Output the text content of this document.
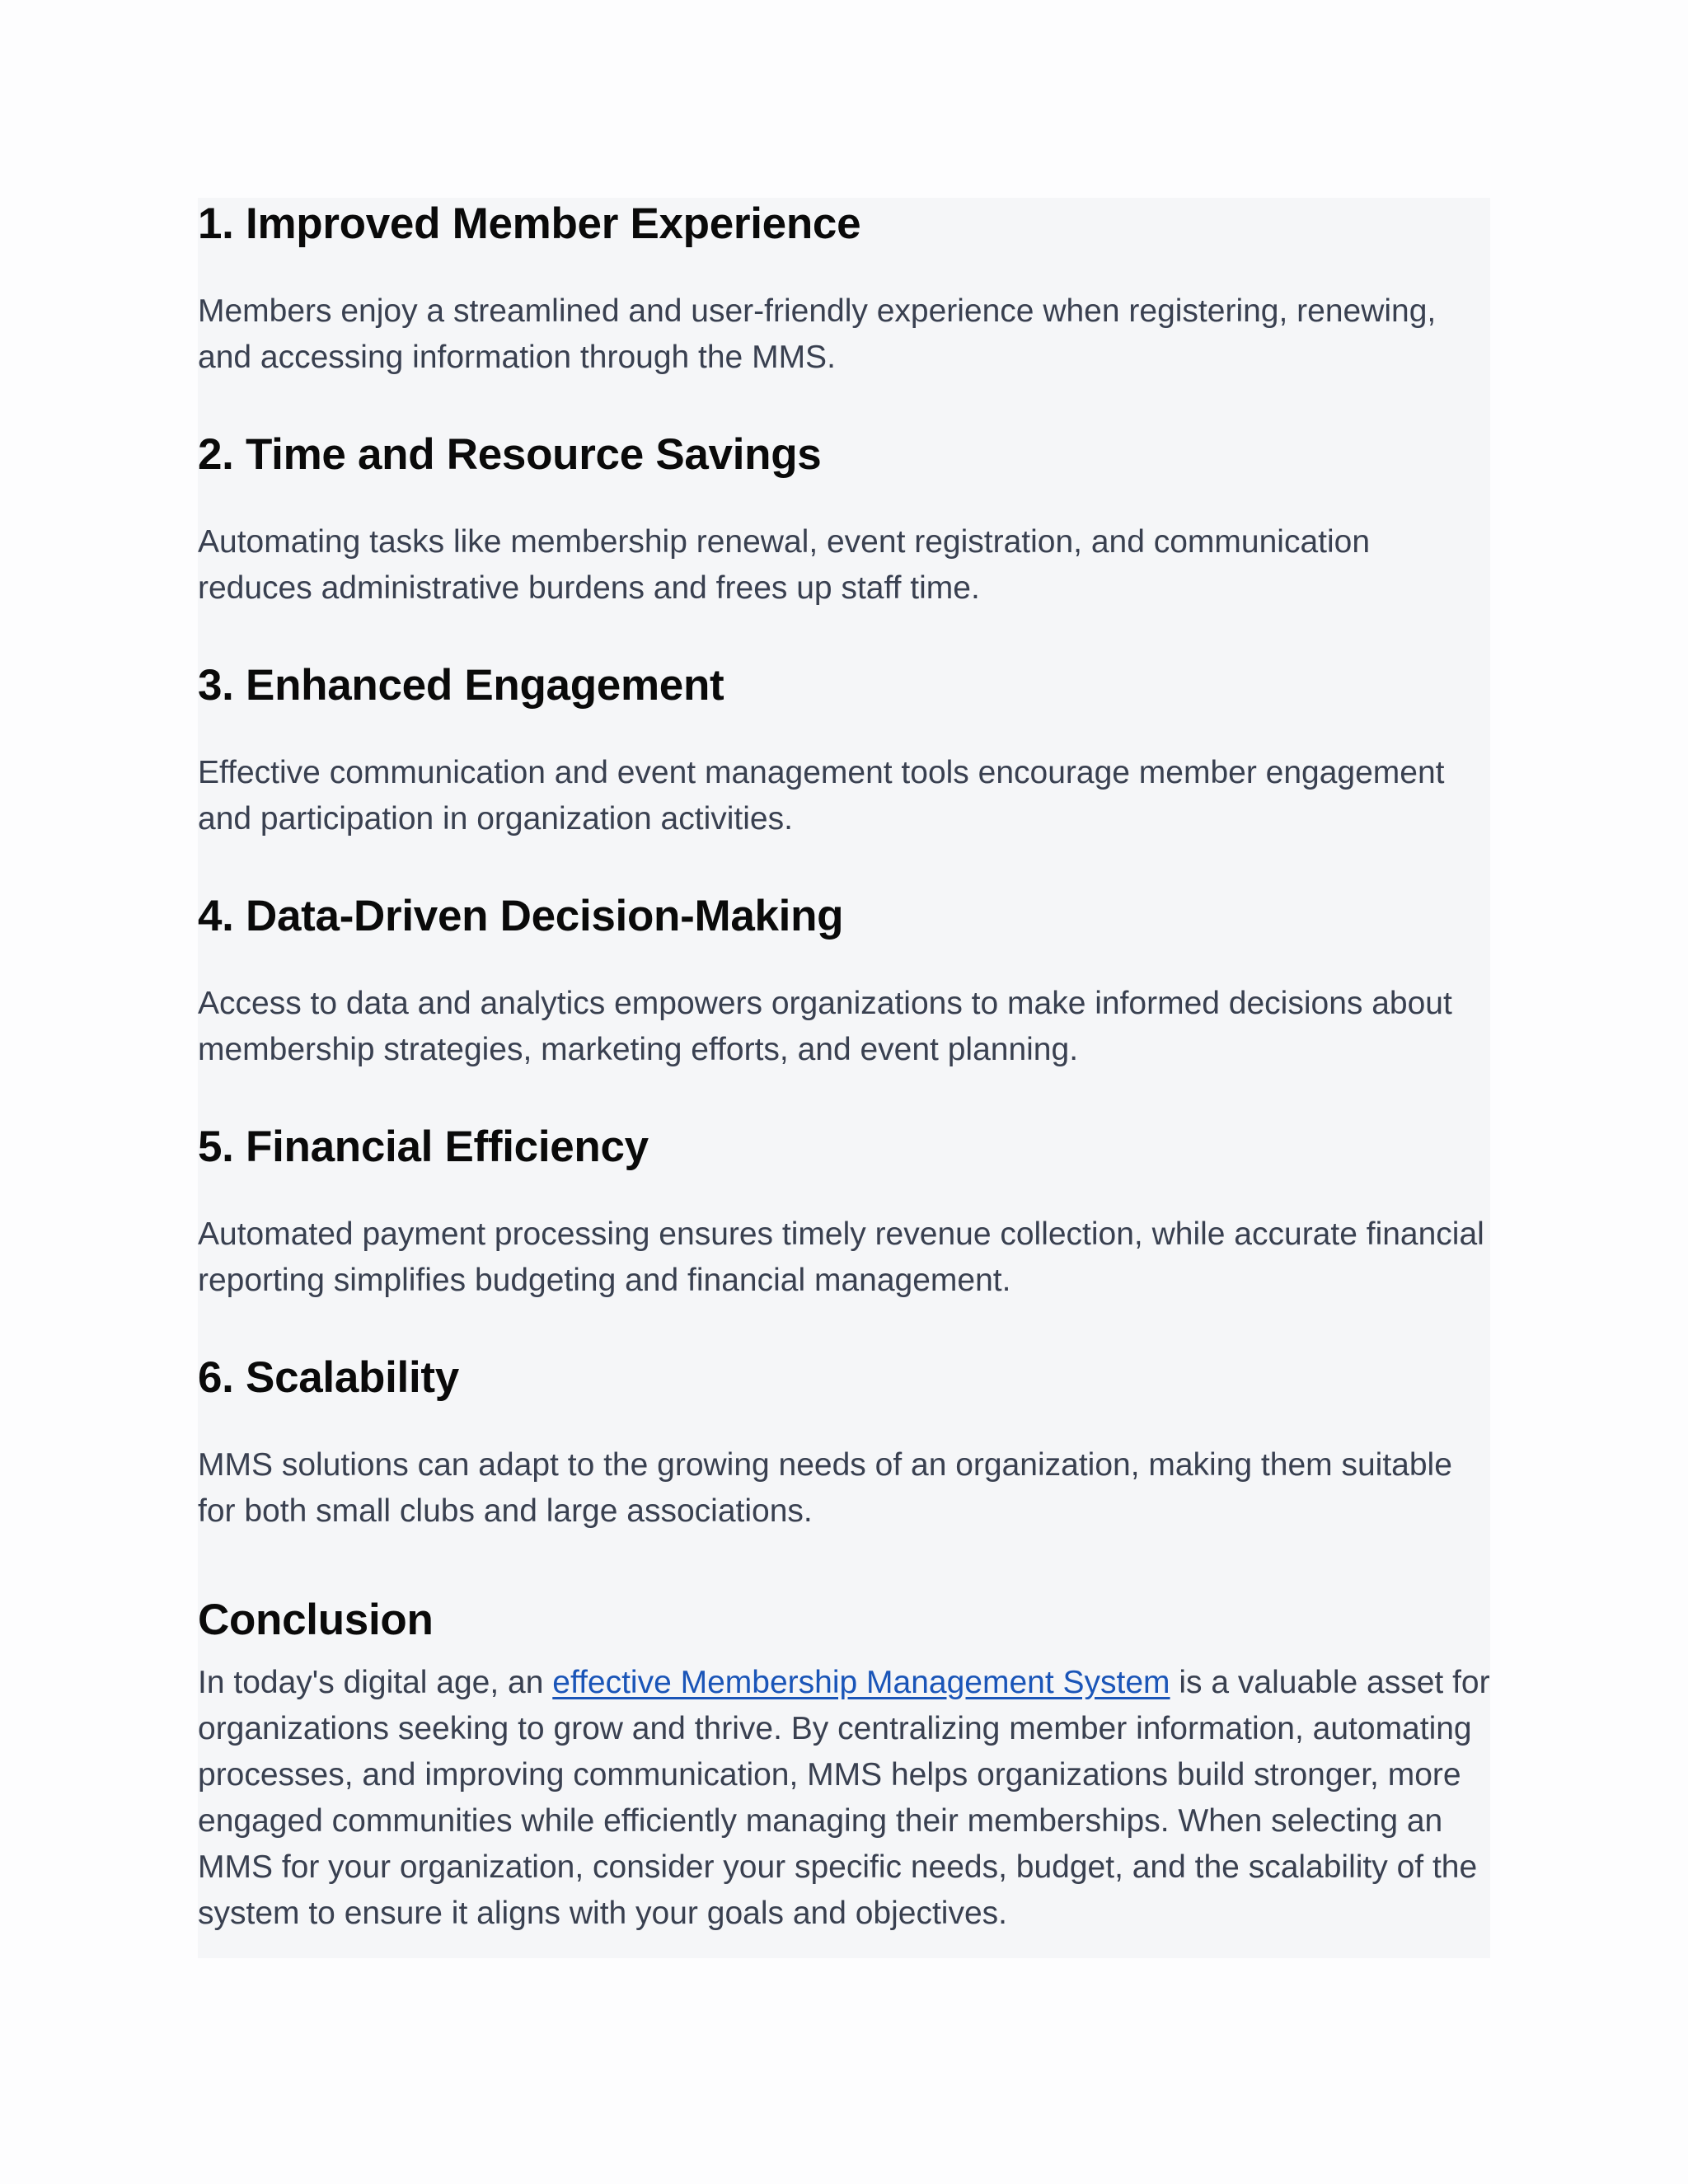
1. Improved Member Experience

Members enjoy a streamlined and user-friendly experience when registering, renewing, and accessing information through the MMS.

2. Time and Resource Savings

Automating tasks like membership renewal, event registration, and communication reduces administrative burdens and frees up staff time.

3. Enhanced Engagement

Effective communication and event management tools encourage member engagement and participation in organization activities.

4. Data-Driven Decision-Making

Access to data and analytics empowers organizations to make informed decisions about membership strategies, marketing efforts, and event planning.

5. Financial Efficiency

Automated payment processing ensures timely revenue collection, while accurate financial reporting simplifies budgeting and financial management.

6. Scalability

MMS solutions can adapt to the growing needs of an organization, making them suitable for both small clubs and large associations.

Conclusion

In today's digital age, an effective Membership Management System is a valuable asset for organizations seeking to grow and thrive. By centralizing member information, automating processes, and improving communication, MMS helps organizations build stronger, more engaged communities while efficiently managing their memberships. When selecting an MMS for your organization, consider your specific needs, budget, and the scalability of the system to ensure it aligns with your goals and objectives.
